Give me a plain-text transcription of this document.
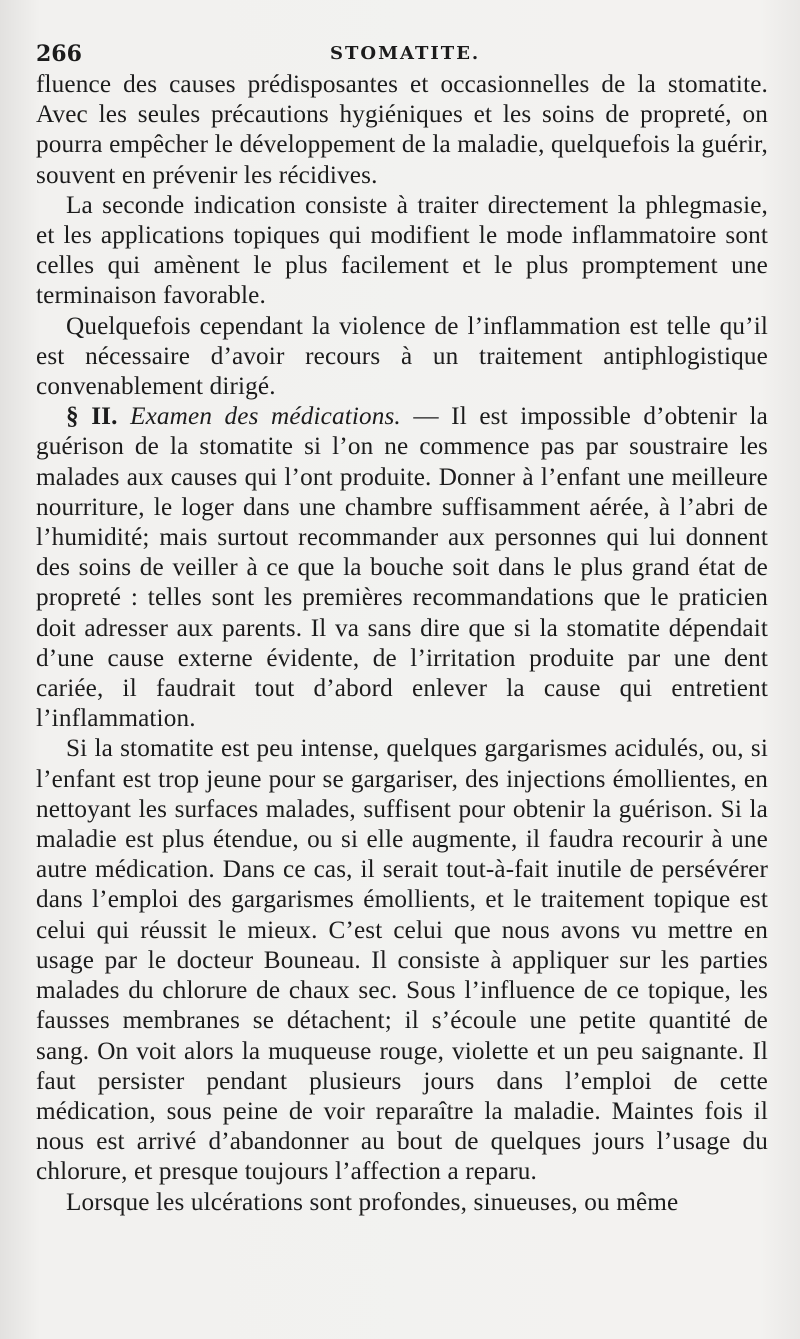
266	STOMATITE.

fluence des causes prédisposantes et occasionnelles de la stomatite. Avec les seules précautions hygiéniques et les soins de propreté, on pourra empêcher le développement de la maladie, quelquefois la guérir, souvent en prévenir les récidives.

La seconde indication consiste à traiter directement la phlegmasie, et les applications topiques qui modifient le mode inflammatoire sont celles qui amènent le plus facilement et le plus promptement une terminaison favorable.

Quelquefois cependant la violence de l’inflammation est telle qu’il est nécessaire d’avoir recours à un traitement antiphlogistique convenablement dirigé.

§ II. Examen des médications. — Il est impossible d’obtenir la guérison de la stomatite si l’on ne commence pas par soustraire les malades aux causes qui l’ont produite. Donner à l’enfant une meilleure nourriture, le loger dans une chambre suffisamment aérée, à l’abri de l’humidité; mais surtout recommander aux personnes qui lui donnent des soins de veiller à ce que la bouche soit dans le plus grand état de propreté : telles sont les premières recommandations que le praticien doit adresser aux parents. Il va sans dire que si la stomatite dépendait d’une cause externe évidente, de l’irritation produite par une dent cariée, il faudrait tout d’abord enlever la cause qui entretient l’inflammation.

Si la stomatite est peu intense, quelques gargarismes acidulés, ou, si l’enfant est trop jeune pour se gargariser, des injections émollientes, en nettoyant les surfaces malades, suffisent pour obtenir la guérison. Si la maladie est plus étendue, ou si elle augmente, il faudra recourir à une autre médication. Dans ce cas, il serait tout-à-fait inutile de persévérer dans l’emploi des gargarismes émollients, et le traitement topique est celui qui réussit le mieux. C’est celui que nous avons vu mettre en usage par le docteur Bouneau. Il consiste à appliquer sur les parties malades du chlorure de chaux sec. Sous l’influence de ce topique, les fausses membranes se détachent; il s’écoule une petite quantité de sang. On voit alors la muqueuse rouge, violette et un peu saignante. Il faut persister pendant plusieurs jours dans l’emploi de cette médication, sous peine de voir reparaître la maladie. Maintes fois il nous est arrivé d’abandonner au bout de quelques jours l’usage du chlorure, et presque toujours l’affection a reparu.

Lorsque les ulcérations sont profondes, sinueuses, ou même
